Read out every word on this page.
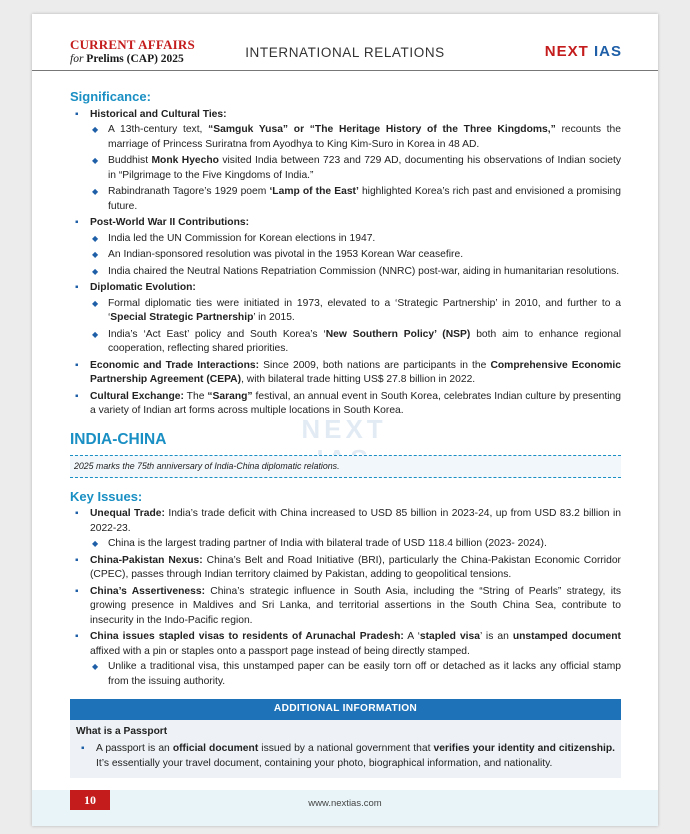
CURRENT AFFAIRS
for Prelims (CAP) 2025	INTERNATIONAL RELATIONS	NEXT IAS
NEXT
Significance:
▪ Historical and Cultural Ties:
◆ A 13th-century text, “Samguk Yusa” or “The Heritage History of the Three Kingdoms,” recounts the marriage of Princess Suriratna from Ayodhya to King Kim-Suro in Korea in 48 AD.
◆ Buddhist Monk Hyecho visited India between 723 and 729 AD, documenting his observations of Indian society in “Pilgrimage to the Five Kingdoms of India.”
◆ Rabindranath Tagore’s 1929 poem ‘Lamp of the East’ highlighted Korea’s rich past and envisioned a promising future.
▪ Post-World War II Contributions:
◆ India led the UN Commission for Korean elections in 1947.
◆ An Indian-sponsored resolution was pivotal in the 1953 Korean War ceasefire.
◆ India chaired the Neutral Nations Repatriation Commission (NNRC) post-war, aiding in humanitarian resolutions.
▪ Diplomatic Evolution:
◆ Formal diplomatic ties were initiated in 1973, elevated to a ‘Strategic Partnership’ in 2010, and further to a ‘Special Strategic Partnership’ in 2015.
◆ India’s ‘Act East’ policy and South Korea’s ‘New Southern Policy’ (NSP) both aim to enhance regional cooperation, reflecting shared priorities.
▪ Economic and Trade Interactions: Since 2009, both nations are participants in the Comprehensive Economic Partnership Agreement (CEPA), with bilateral trade hitting US$ 27.8 billion in 2022.
▪ Cultural Exchange: The “Sarang” festival, an annual event in South Korea, celebrates Indian culture by presenting a variety of Indian art forms across multiple locations in South Korea.
INDIA-CHINA
2025 marks the 75th anniversary of India-China diplomatic relations.
Key Issues:
▪ Unequal Trade: India’s trade deficit with China increased to USD 85 billion in 2023-24, up from USD 83.2 billion in 2022-23.
◆ China is the largest trading partner of India with bilateral trade of USD 118.4 billion (2023- 2024).
▪ China-Pakistan Nexus: China’s Belt and Road Initiative (BRI), particularly the China-Pakistan Economic Corridor (CPEC), passes through Indian territory claimed by Pakistan, adding to geopolitical tensions.
▪ China’s Assertiveness: China’s strategic influence in South Asia, including the “String of Pearls” strategy, its growing presence in Maldives and Sri Lanka, and territorial assertions in the South China Sea, contribute to insecurity in the Indo-Pacific region.
▪ China issues stapled visas to residents of Arunachal Pradesh: A ‘stapled visa’ is an unstamped document affixed with a pin or staples onto a passport page instead of being directly stamped.
◆ Unlike a traditional visa, this unstamped paper can be easily torn off or detached as it lacks any official stamp from the issuing authority.
ADDITIONAL INFORMATION
What is a Passport
▪ A passport is an official document issued by a national government that verifies your identity and citizenship. It’s essentially your travel document, containing your photo, biographical information, and nationality.
10	www.nextias.com
